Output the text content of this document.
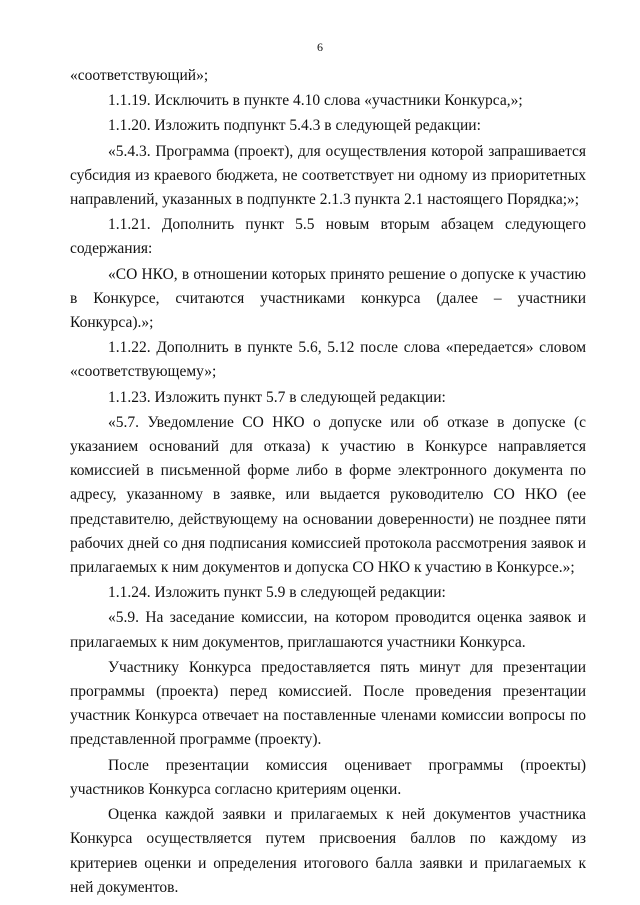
6

«соответствующий»;

1.1.19. Исключить в пункте 4.10 слова «участники Конкурса,»;

1.1.20. Изложить подпункт 5.4.3 в следующей редакции:

«5.4.3. Программа (проект), для осуществления которой запрашивается субсидия из краевого бюджета, не соответствует ни одному из приоритетных направлений, указанных в подпункте 2.1.3 пункта 2.1 настоящего Порядка;»;

1.1.21. Дополнить пункт 5.5 новым вторым абзацем следующего содержания:

«СО НКО, в отношении которых принято решение о допуске к участию в Конкурсе, считаются участниками конкурса (далее – участники Конкурса).»;

1.1.22. Дополнить в пункте 5.6, 5.12 после слова «передается» словом «соответствующему»;

1.1.23. Изложить пункт 5.7 в следующей редакции:

«5.7. Уведомление СО НКО о допуске или об отказе в допуске (с указанием оснований для отказа) к участию в Конкурсе направляется комиссией в письменной форме либо в форме электронного документа по адресу, указанному в заявке, или выдается руководителю СО НКО (ее представителю, действующему на основании доверенности) не позднее пяти рабочих дней со дня подписания комиссией протокола рассмотрения заявок и прилагаемых к ним документов и допуска СО НКО к участию в Конкурсе.»;

1.1.24. Изложить пункт 5.9 в следующей редакции:

«5.9. На заседание комиссии, на котором проводится оценка заявок и прилагаемых к ним документов, приглашаются участники Конкурса.

Участнику Конкурса предоставляется пять минут для презентации программы (проекта) перед комиссией. После проведения презентации участник Конкурса отвечает на поставленные членами комиссии вопросы по представленной программе (проекту).

После презентации комиссия оценивает программы (проекты) участников Конкурса согласно критериям оценки.

Оценка каждой заявки и прилагаемых к ней документов участника Конкурса осуществляется путем присвоения баллов по каждому из критериев оценки и определения итогового балла заявки и прилагаемых к ней документов.
